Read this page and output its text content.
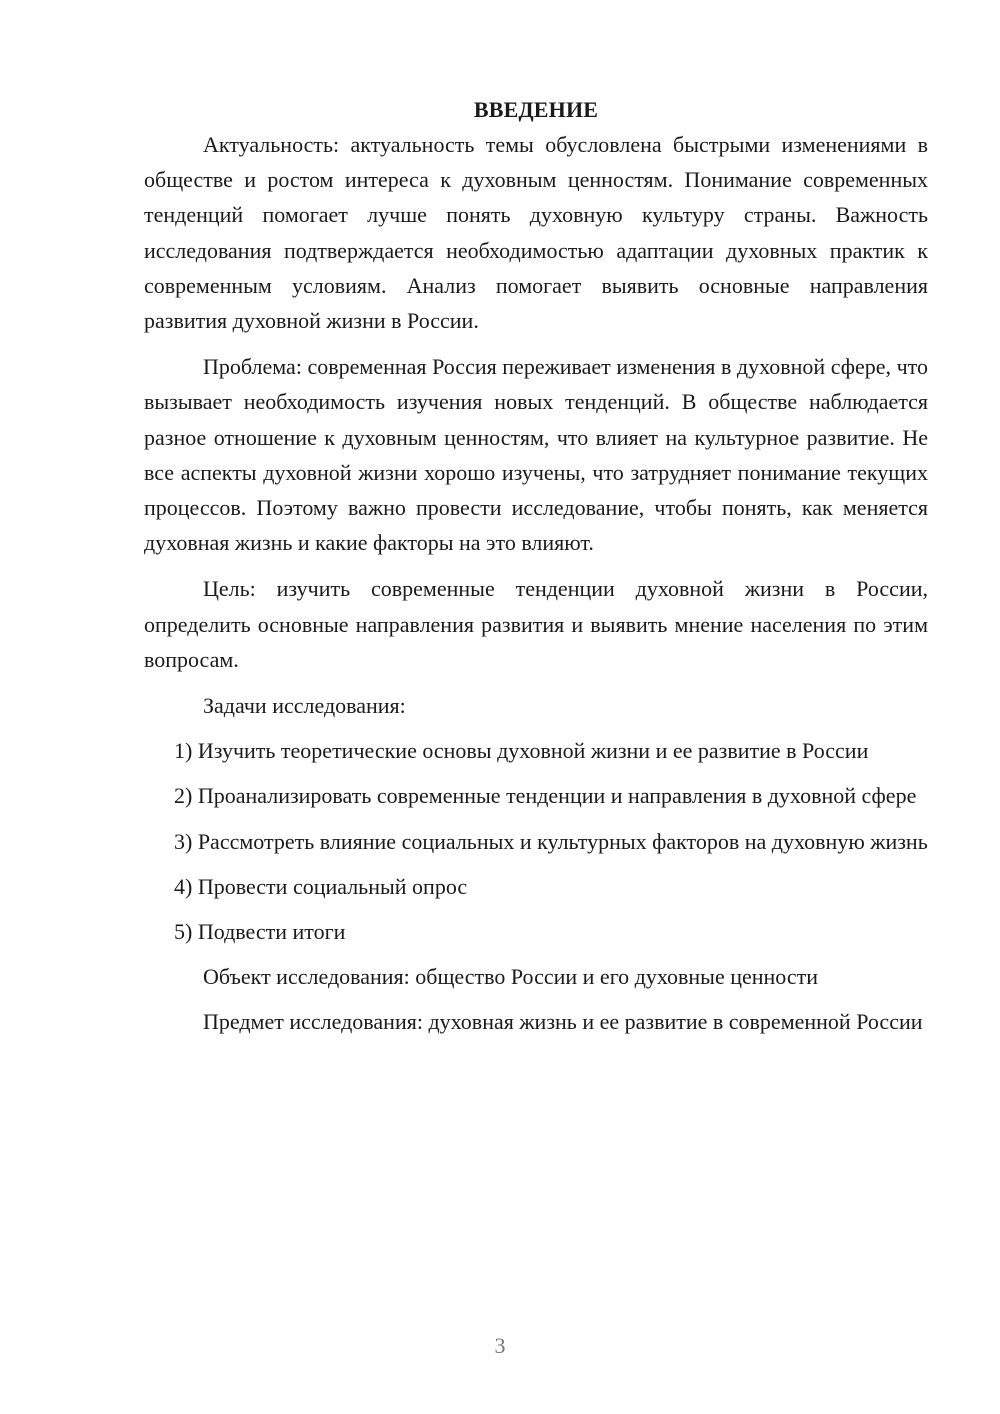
ВВЕДЕНИЕ

Актуальность: актуальность темы обусловлена быстрыми изменениями в обществе и ростом интереса к духовным ценностям. Понимание современных тенденций помогает лучше понять духовную культуру страны. Важность исследования подтверждается необходимостью адаптации духовных практик к современным условиям. Анализ помогает выявить основные направления развития духовной жизни в России.

Проблема: современная Россия переживает изменения в духовной сфере, что вызывает необходимость изучения новых тенденций. В обществе наблюдается разное отношение к духовным ценностям, что влияет на культурное развитие. Не все аспекты духовной жизни хорошо изучены, что затрудняет понимание текущих процессов. Поэтому важно провести исследование, чтобы понять, как меняется духовная жизнь и какие факторы на это влияют.

Цель: изучить современные тенденции духовной жизни в России, определить основные направления развития и выявить мнение населения по этим вопросам.

Задачи исследования:

1) Изучить теоретические основы духовной жизни и ее развитие в России

2) Проанализировать современные тенденции и направления в духовной сфере

3) Рассмотреть влияние социальных и культурных факторов на духовную жизнь

4) Провести социальный опрос

5) Подвести итоги

Объект исследования: общество России и его духовные ценности

Предмет исследования: духовная жизнь и ее развитие в современной России

3
